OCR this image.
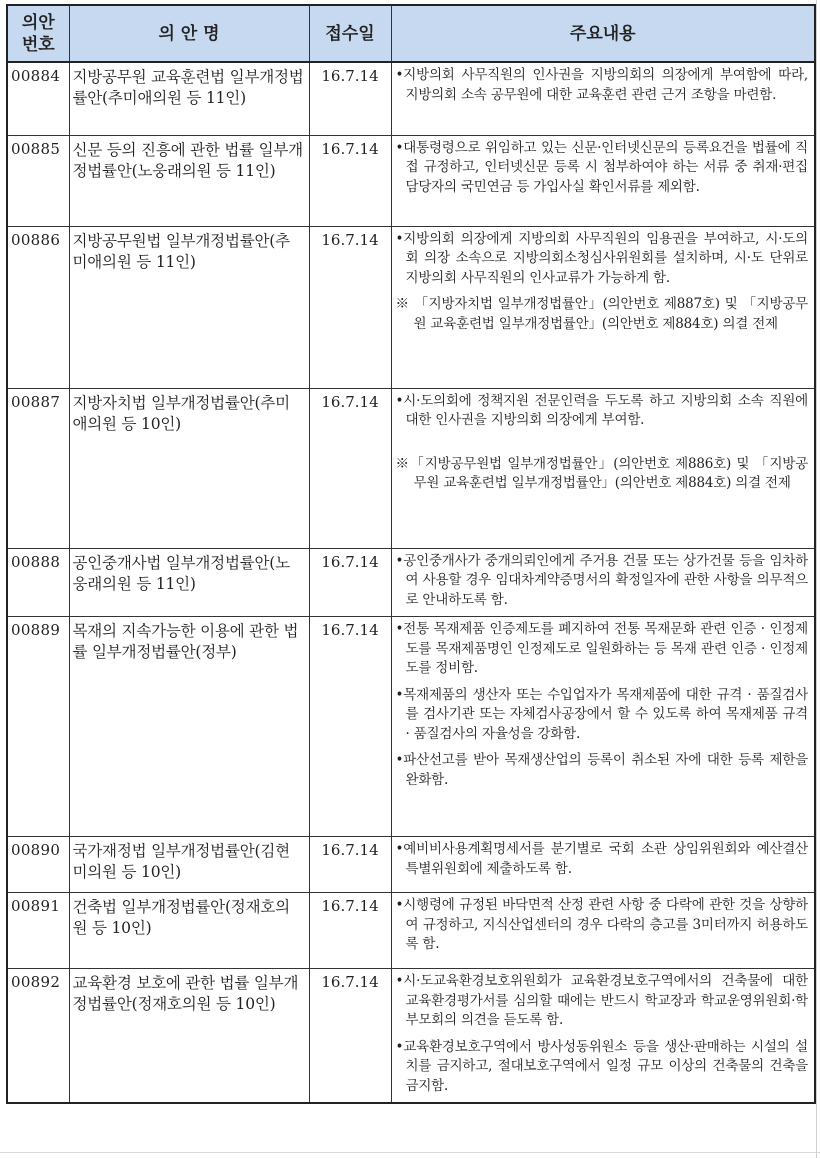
의안
번호	의 안 명	접수일	주요내용
00884	지방공무원 교육훈련법 일부개정법률안(추미애의원 등 11인)	16.7.14	•지방의회 사무직원의 인사권을 지방의회의 의장에게 부여함에 따라, 지방의회 소속 공무원에 대한 교육훈련 관련 근거 조항을 마련함.

00885	신문 등의 진흥에 관한 법률 일부개정법률안(노웅래의원 등 11인)	16.7.14	•대통령령으로 위임하고 있는 신문·인터넷신문의 등록요건을 법률에 직접 규정하고, 인터넷신문 등록 시 첨부하여야 하는 서류 중 취재·편집 담당자의 국민연금 등 가입사실 확인서류를 제외함.

00886	지방공무원법 일부개정법률안(추미애의원 등 11인)	16.7.14	•지방의회 의장에게 지방의회 사무직원의 임용권을 부여하고, 시·도의회 의장 소속으로 지방의회소청심사위원회를 설치하며, 시·도 단위로 지방의회 사무직원의 인사교류가 가능하게 함.

※ 「지방자치법 일부개정법률안」(의안번호 제887호) 및 「지방공무원 교육훈련법 일부개정법률안」(의안번호 제884호) 의결 전제

00887	지방자치법 일부개정법률안(추미애의원 등 10인)	16.7.14	•시·도의회에 정책지원 전문인력을 두도록 하고 지방의회 소속 직원에 대한 인사권을 지방의회 의장에게 부여함.

※「지방공무원법 일부개정법률안」(의안번호 제886호) 및 「지방공무원 교육훈련법 일부개정법률안」(의안번호 제884호) 의결 전제

00888	공인중개사법 일부개정법률안(노웅래의원 등 11인)	16.7.14	•공인중개사가 중개의뢰인에게 주거용 건물 또는 상가건물 등을 임차하여 사용할 경우 임대차계약증명서의 확정일자에 관한 사항을 의무적으로 안내하도록 함.

00889	목재의 지속가능한 이용에 관한 법률 일부개정법률안(정부)	16.7.14	•전통 목재제품 인증제도를 폐지하여 전통 목재문화 관련 인증 · 인정제도를 목재제품명인 인정제도로 일원화하는 등 목재 관련 인증 · 인정제도를 정비함.

•목재제품의 생산자 또는 수입업자가 목재제품에 대한 규격 · 품질검사를 검사기관 또는 자체검사공장에서 할 수 있도록 하여 목재제품 규격 · 품질검사의 자율성을 강화함.

•파산선고를 받아 목재생산업의 등록이 취소된 자에 대한 등록 제한을 완화함.

00890	국가재정법 일부개정법률안(김현미의원 등 10인)	16.7.14	•예비비사용계획명세서를 분기별로 국회 소관 상임위원회와 예산결산특별위원회에 제출하도록 함.

00891	건축법 일부개정법률안(정재호의원 등 10인)	16.7.14	•시행령에 규정된 바닥면적 산정 관련 사항 중 다락에 관한 것을 상향하여 규정하고, 지식산업센터의 경우 다락의 층고를 3미터까지 허용하도록 함.

00892	교육환경 보호에 관한 법률 일부개정법률안(정재호의원 등 10인)	16.7.14	•시·도교육환경보호위원회가 교육환경보호구역에서의 건축물에 대한 교육환경평가서를 심의할 때에는 반드시 학교장과 학교운영위원회·학부모회의 의견을 듣도록 함.

•교육환경보호구역에서 방사성동위원소 등을 생산·판매하는 시설의 설치를 금지하고, 절대보호구역에서 일정 규모 이상의 건축물의 건축을 금지함.
